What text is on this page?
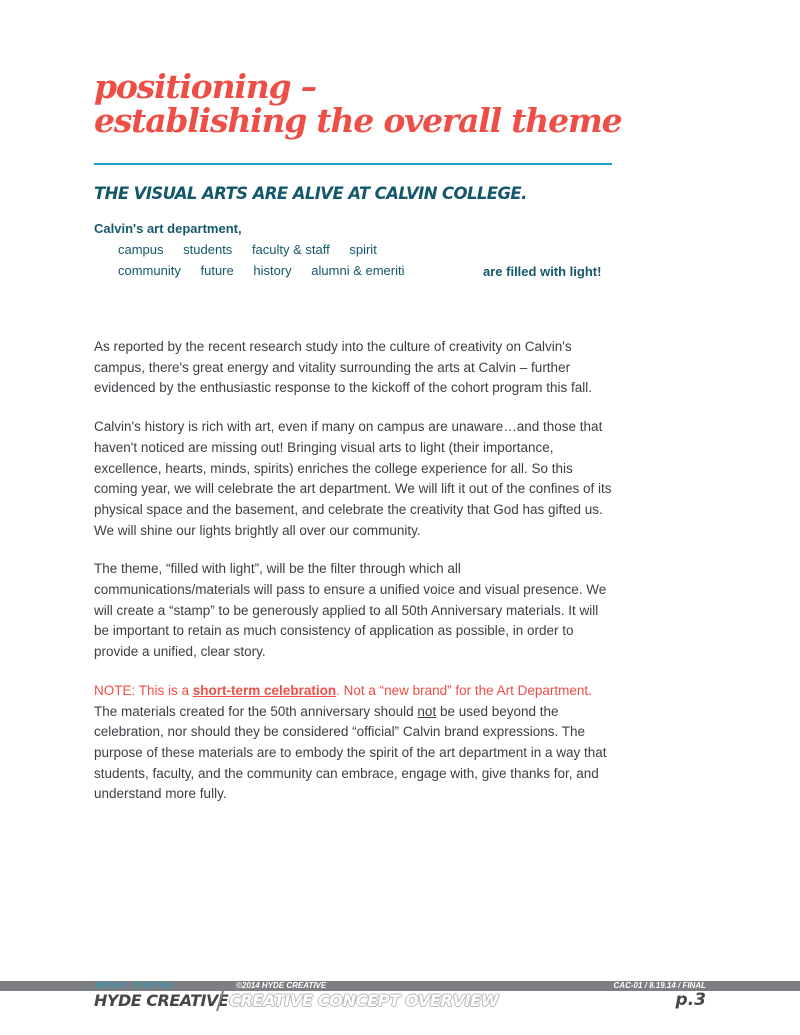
positioning –
establishing the overall theme
THE VISUAL ARTS ARE ALIVE AT CALVIN COLLEGE.
Calvin's art department,
campus students faculty & staff spirit
community future history alumni & emeriti	are filled with light!

As reported by the recent research study into the culture of creativity on Calvin's campus, there's great energy and vitality surrounding the arts at Calvin – further evidenced by the enthusiastic response to the kickoff of the cohort program this fall.

Calvin's history is rich with art, even if many on campus are unaware…and those that haven't noticed are missing out! Bringing visual arts to light (their importance, excellence, hearts, minds, spirits) enriches the college experience for all. So this coming year, we will celebrate the art department. We will lift it out of the confines of its physical space and the basement, and celebrate the creativity that God has gifted us. We will shine our lights brightly all over our community.

The theme, “filled with light”, will be the filter through which all communications/materials will pass to ensure a unified voice and visual presence. We will create a “stamp” to be generously applied to all 50th Anniversary materials. It will be important to retain as much consistency of application as possible, in order to provide a unified, clear story.

NOTE: This is a short-term celebration. Not a “new brand” for the Art Department. The materials created for the 50th anniversary should not be used beyond the celebration, nor should they be considered “official” Calvin brand expressions. The purpose of these materials are to embody the spirit of the art department in a way that students, faculty, and the community can embrace, engage with, give thanks for, and understand more fully.

BRIGHT, CREATIVE	©2014 HYDE CREATIVE	CAC-01 / 8.19.14 / FINAL
HYDE CREATIVE CREATIVE CONCEPT OVERVIEW	p.3
